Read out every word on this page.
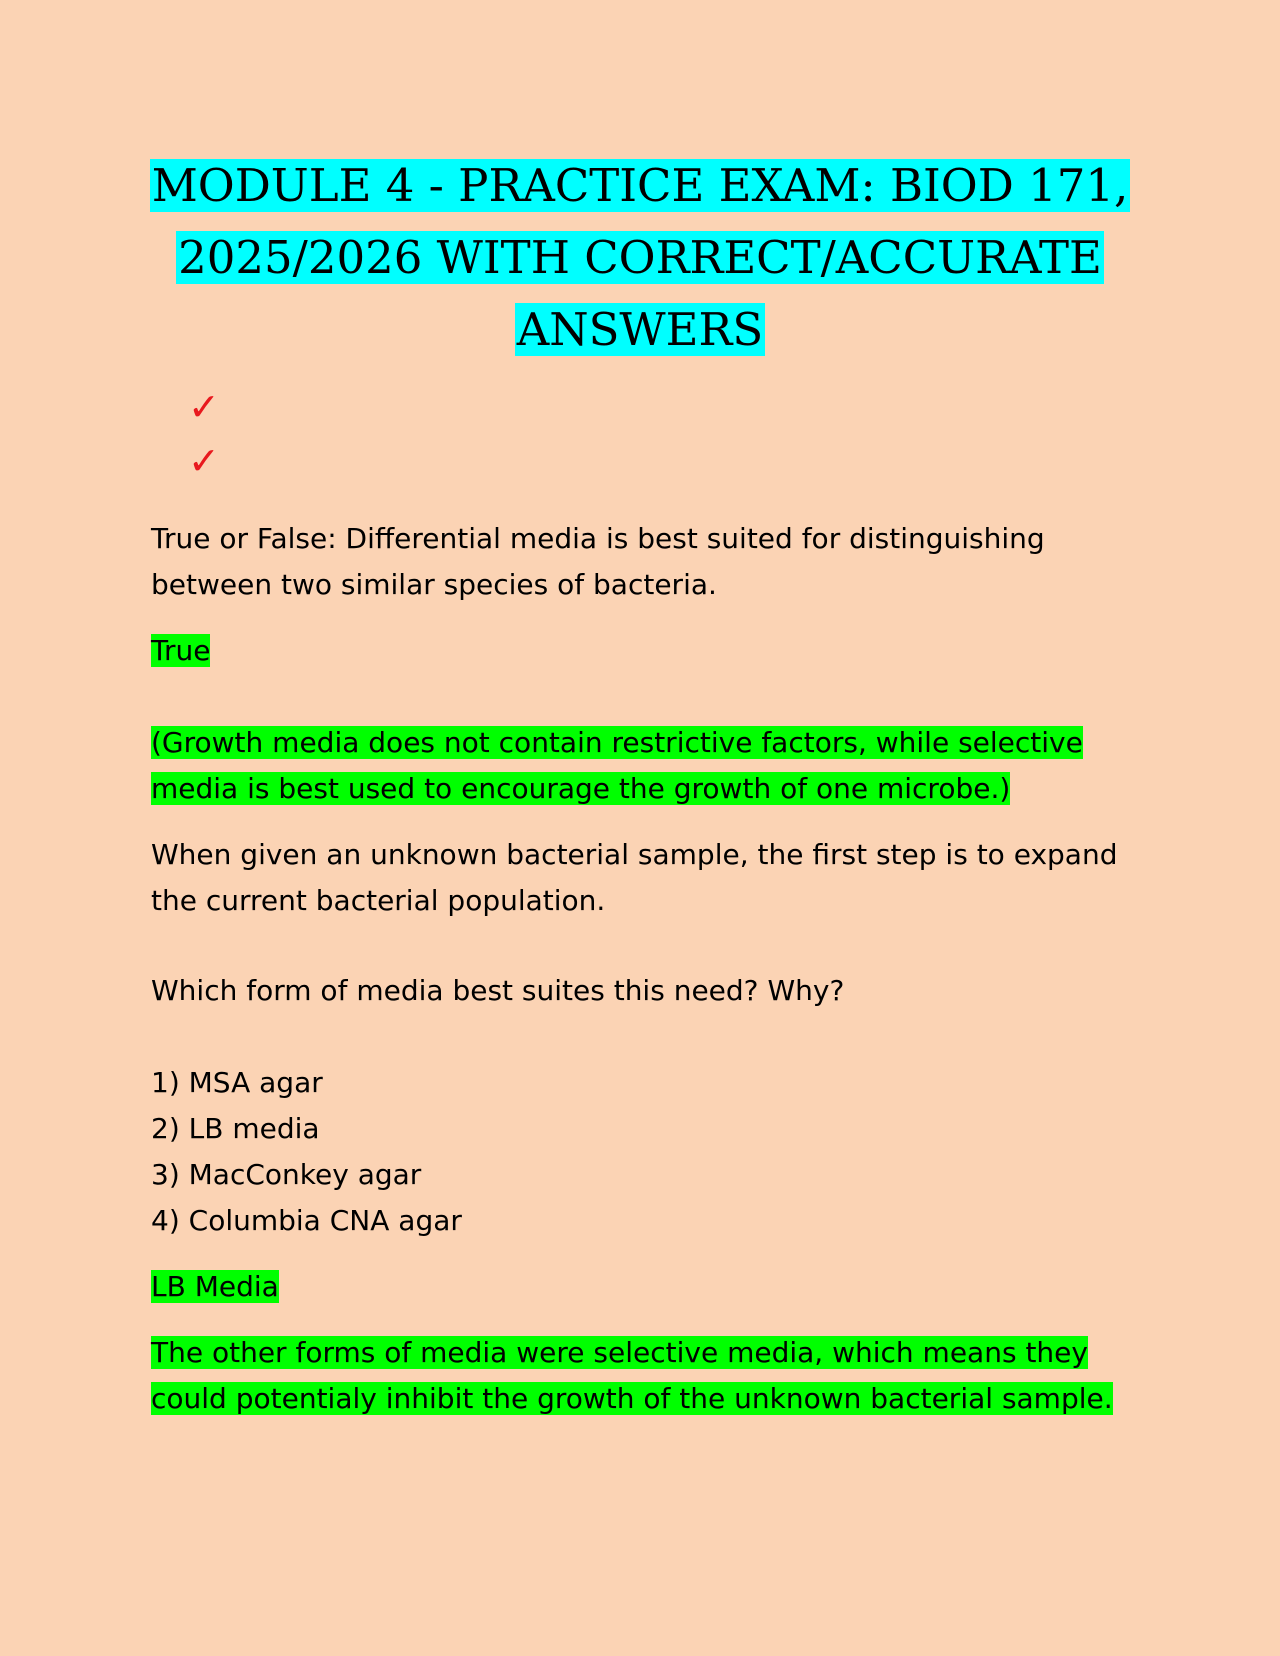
MODULE 4 - PRACTICE EXAM: BIOD 171,
2025/2026 WITH CORRECT/ACCURATE
ANSWERS
✓
✓

True or False: Differential media is best suited for distinguishing between two similar species of bacteria.

True

(Growth media does not contain restrictive factors, while selective media is best used to encourage the growth of one microbe.)

When given an unknown bacterial sample, the first step is to expand the current bacterial population.

Which form of media best suites this need? Why?

1) MSA agar
2) LB media
3) MacConkey agar
4) Columbia CNA agar

LB Media

The other forms of media were selective media, which means they could potentialy inhibit the growth of the unknown bacterial sample.
